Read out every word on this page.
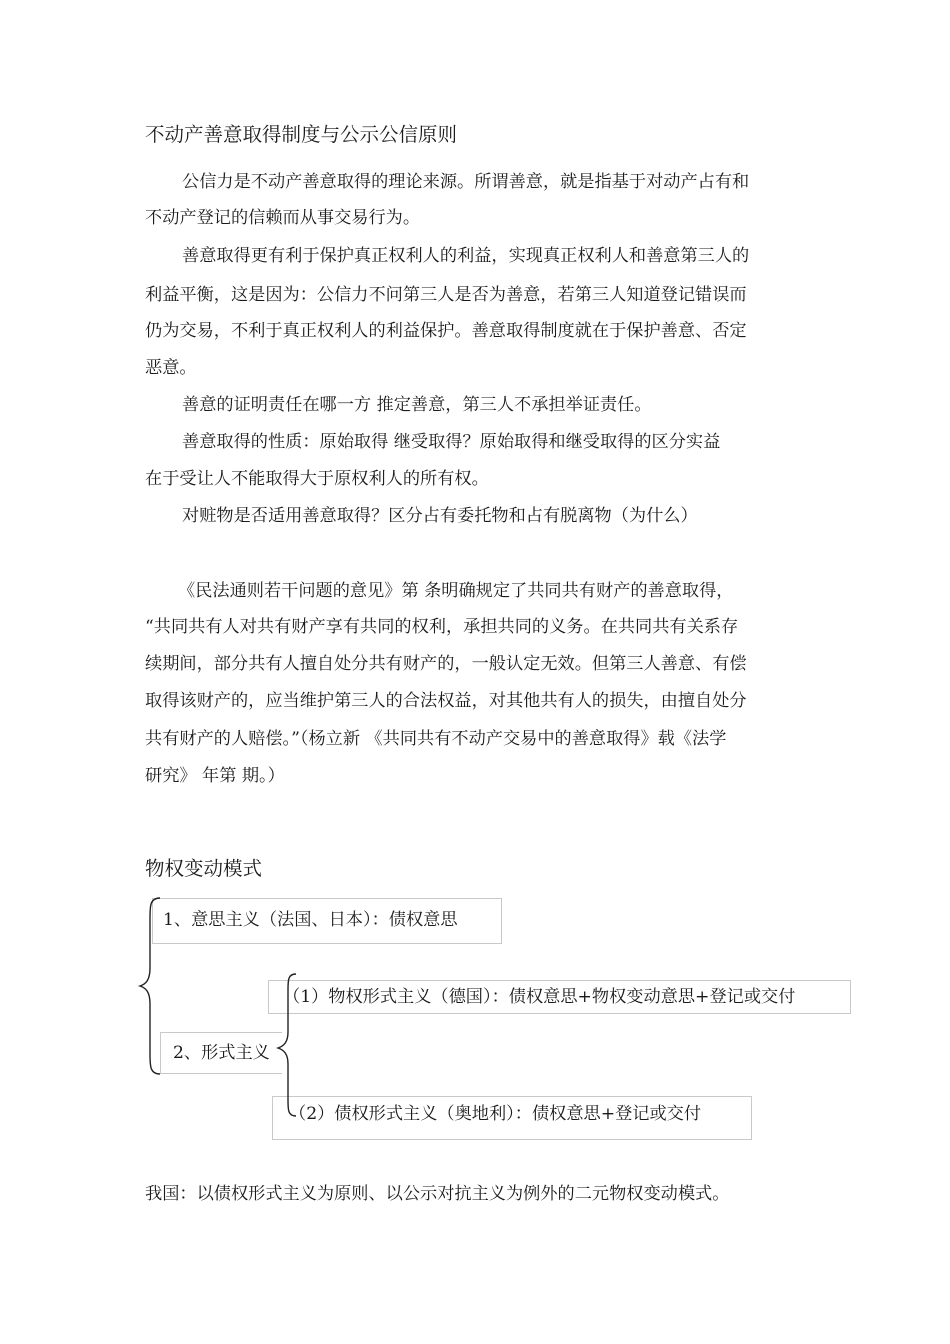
不动产善意取得制度与公示公信原则

公信力是不动产善意取得的理论来源。所谓善意，就是指基于对动产占有和

不动产登记的信赖而从事交易行为。

善意取得更有利于保护真正权利人的利益，实现真正权利人和善意第三人的

利益平衡，这是因为：公信力不问第三人是否为善意，若第三人知道登记错误而

仍为交易，不利于真正权利人的利益保护。善意取得制度就在于保护善意、否定

恶意。

善意的证明责任在哪一方 推定善意，第三人不承担举证责任。

善意取得的性质：原始取得 继受取得？原始取得和继受取得的区分实益

在于受让人不能取得大于原权利人的所有权。

对赃物是否适用善意取得？区分占有委托物和占有脱离物（为什么）

《民法通则若干问题的意见》第 条明确规定了共同共有财产的善意取得，

“共同共有人对共有财产享有共同的权利，承担共同的义务。在共同共有关系存

续期间，部分共有人擅自处分共有财产的，一般认定无效。但第三人善意、有偿

取得该财产的，应当维护第三人的合法权益，对其他共有人的损失，由擅自处分

共有财产的人赔偿。”（杨立新 《共同共有不动产交易中的善意取得》载《法学

研究》 年第 期。）

物权变动模式
1、意思主义（法国、日本）：债权意思
（1）物权形式主义（德国）：债权意思+物权变动意思+登记或交付
2、形式主义
（2）债权形式主义（奥地利）：债权意思+登记或交付

我国：以债权形式主义为原则、以公示对抗主义为例外的二元物权变动模式。
